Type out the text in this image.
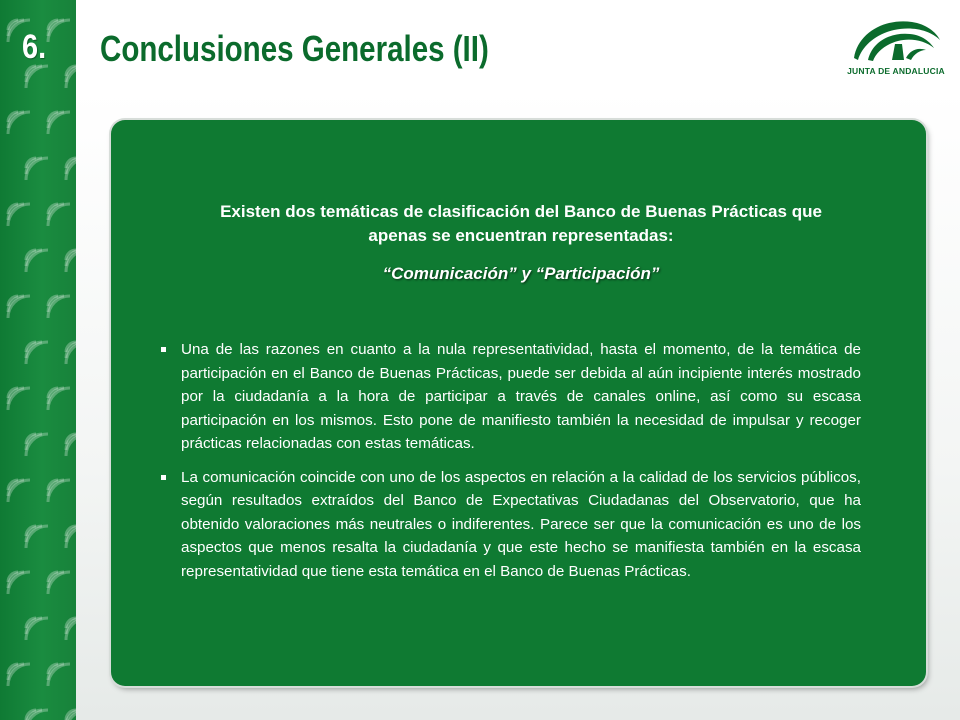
6. Conclusiones Generales (II)
JUNTA DE ANDALUCIA
Existen dos temáticas de clasificación del Banco de Buenas Prácticas que apenas se encuentran representadas:
“Comunicación” y “Participación”
Una de las razones en cuanto a la nula representatividad, hasta el momento, de la temática de participación en el Banco de Buenas Prácticas, puede ser debida al aún incipiente interés mostrado por la ciudadanía a la hora de participar a través de canales online, así como su escasa participación en los mismos. Esto pone de manifiesto también la necesidad de impulsar y recoger prácticas relacionadas con estas temáticas.
La comunicación coincide con uno de los aspectos en relación a la calidad de los servicios públicos, según resultados extraídos del Banco de Expectativas Ciudadanas del Observatorio, que ha obtenido valoraciones más neutrales o indiferentes. Parece ser que la comunicación es uno de los aspectos que menos resalta la ciudadanía y que este hecho se manifiesta también en la escasa representatividad que tiene esta temática en el Banco de Buenas Prácticas.
